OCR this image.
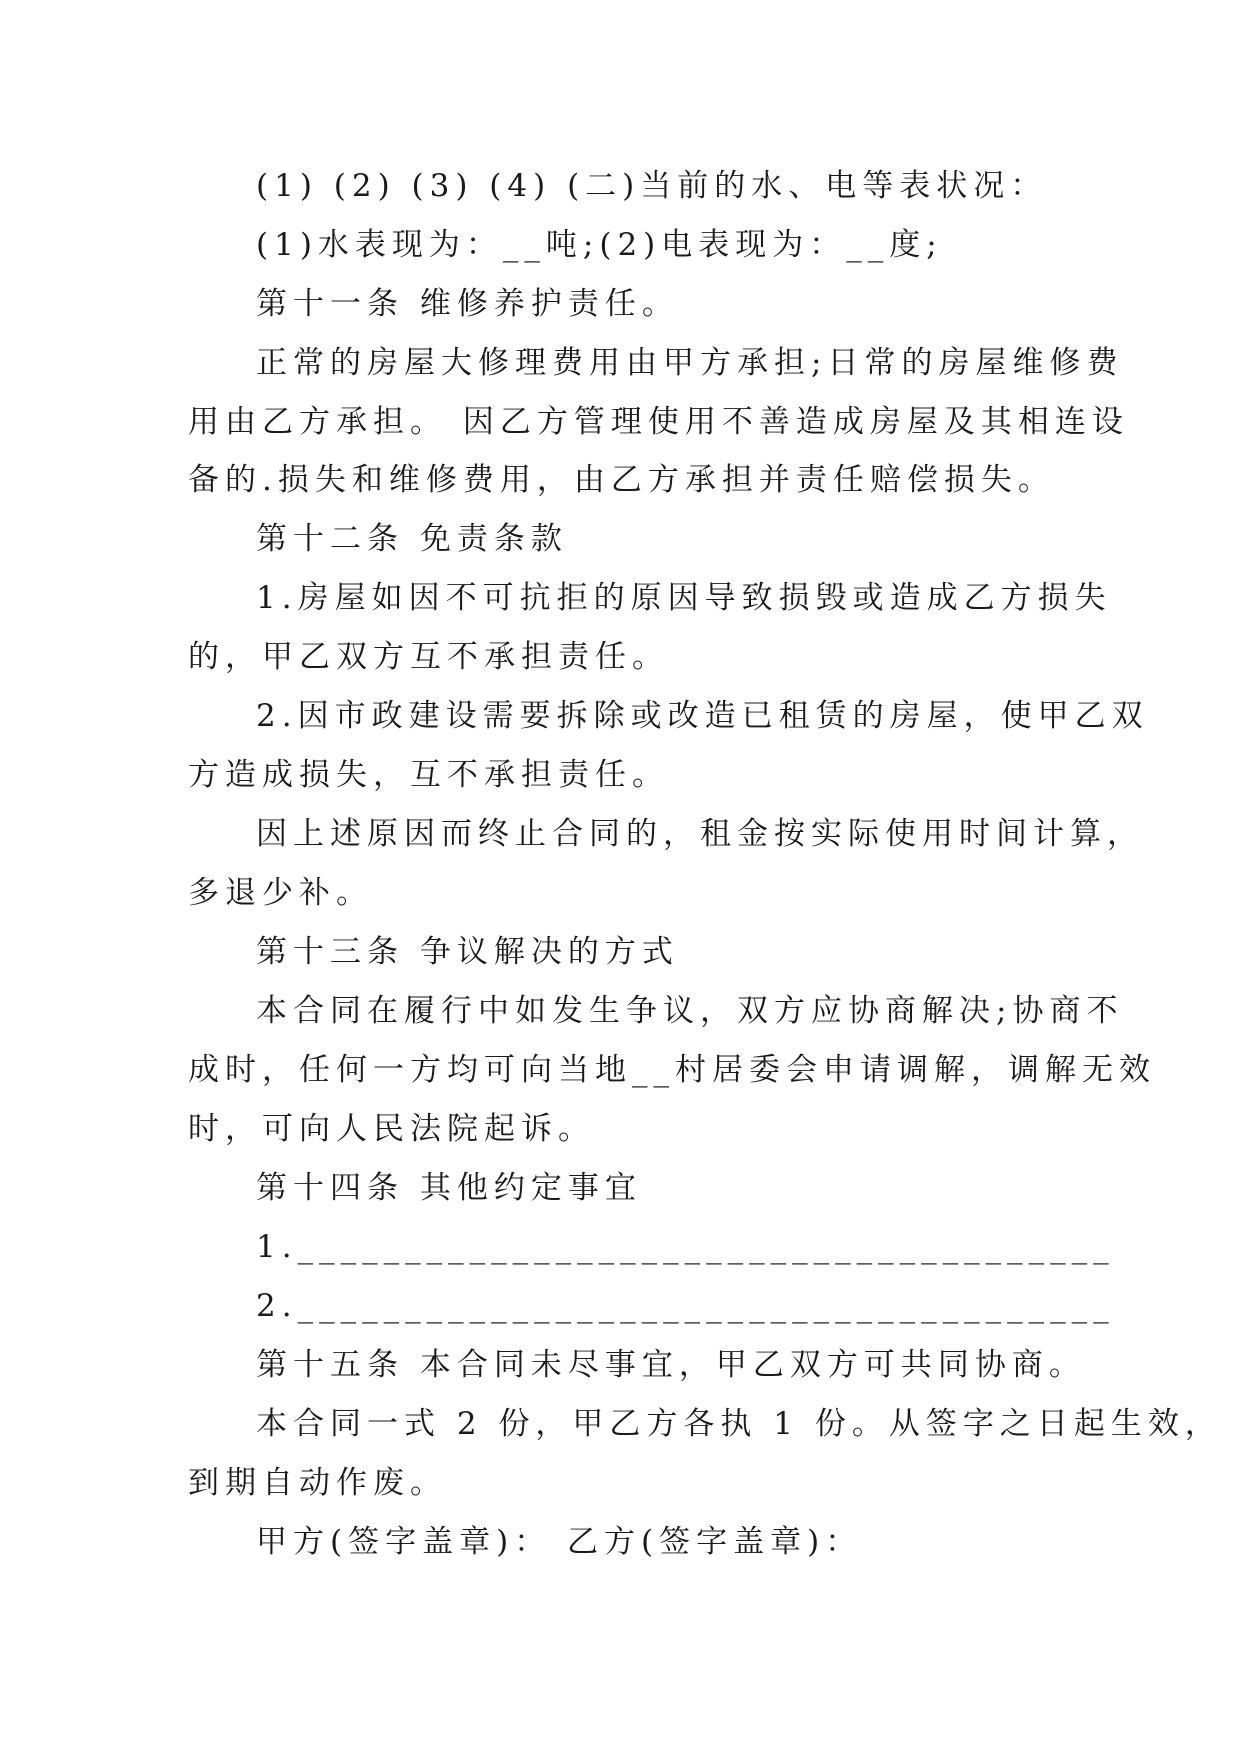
(1) (2) (3) (4) (二)当前的水、电等表状况：

(1)水表现为：__吨;(2)电表现为：__度;

第十一条 维修养护责任。

正常的房屋大修理费用由甲方承担;日常的房屋维修费

用由乙方承担。 因乙方管理使用不善造成房屋及其相连设

备的.损失和维修费用，由乙方承担并责任赔偿损失。

第十二条 免责条款

1.房屋如因不可抗拒的原因导致损毁或造成乙方损失

的，甲乙双方互不承担责任。

2.因市政建设需要拆除或改造已租赁的房屋，使甲乙双

方造成损失，互不承担责任。

因上述原因而终止合同的，租金按实际使用时间计算，

多退少补。

第十三条 争议解决的方式

本合同在履行中如发生争议，双方应协商解决;协商不

成时，任何一方均可向当地__村居委会申请调解，调解无效

时，可向人民法院起诉。

第十四条 其他约定事宜

1.______________________________________

2.______________________________________

第十五条 本合同未尽事宜，甲乙双方可共同协商。

本合同一式 2 份，甲乙方各执 1 份。从签字之日起生效，

到期自动作废。

甲方(签字盖章)： 乙方(签字盖章)：
